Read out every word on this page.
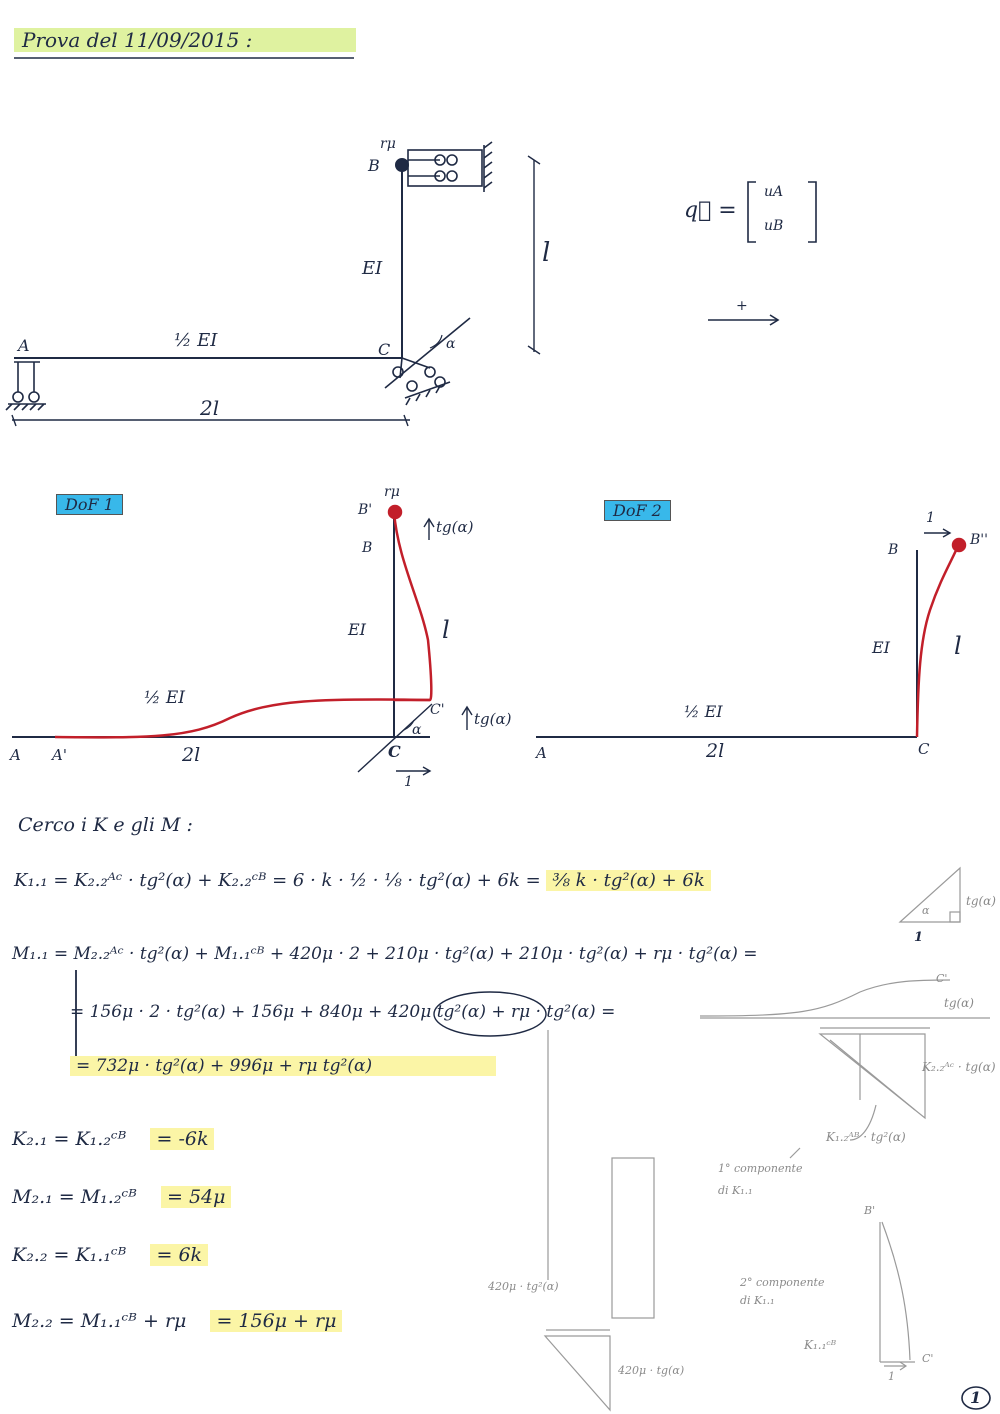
Prova del 11/09/2015 :
rμ
B
EI
½ EI
A	C	α
l
2l
q⃗ =
uA
uB
+
DoF 1
rμ
B'
tg(α)
B
EI	l
½ EI
C' tg(α)
α
A A'	2l	C
1
DoF 2	1
B
B''
EI	l
½ EI
A	2l	C
Cerco i K e gli M :
K₁.₁ = K₂.₂ᴬᶜ · tg²(α) + K₂.₂ᶜᴮ = 6 · k · ½ · ⅛ · tg²(α) + 6k = ⅜ k · tg²(α) + 6k
M₁.₁ = M₂.₂ᴬᶜ · tg²(α) + M₁.₁ᶜᴮ + 420μ · 2 + 210μ · tg²(α) + 210μ · tg²(α) + rμ · tg²(α) =
= 156μ · 2 · tg²(α) + 156μ + 840μ + 420μ tg²(α) + rμ · tg²(α) =
= 732μ · tg²(α) + 996μ + rμ tg²(α)
K₂.₁ = K₁.₂ᶜᴮ = -6k
M₂.₁ = M₁.₂ᶜᴮ = 54μ
K₂.₂ = K₁.₁ᶜᴮ = 6k
M₂.₂ = M₁.₁ᶜᴮ + rμ = 156μ + rμ
tg(α)
α
1
C'
tg(α)
K₂.₂ᴬᶜ · tg(α)
K₁.₂ᴬᴮ · tg²(α)
1° componente
di K₁.₁
B'
2° componente
di K₁.₁
K₁.₁ᶜᴮ
420μ · tg²(α)
420μ · tg(α)
C'
1
1
